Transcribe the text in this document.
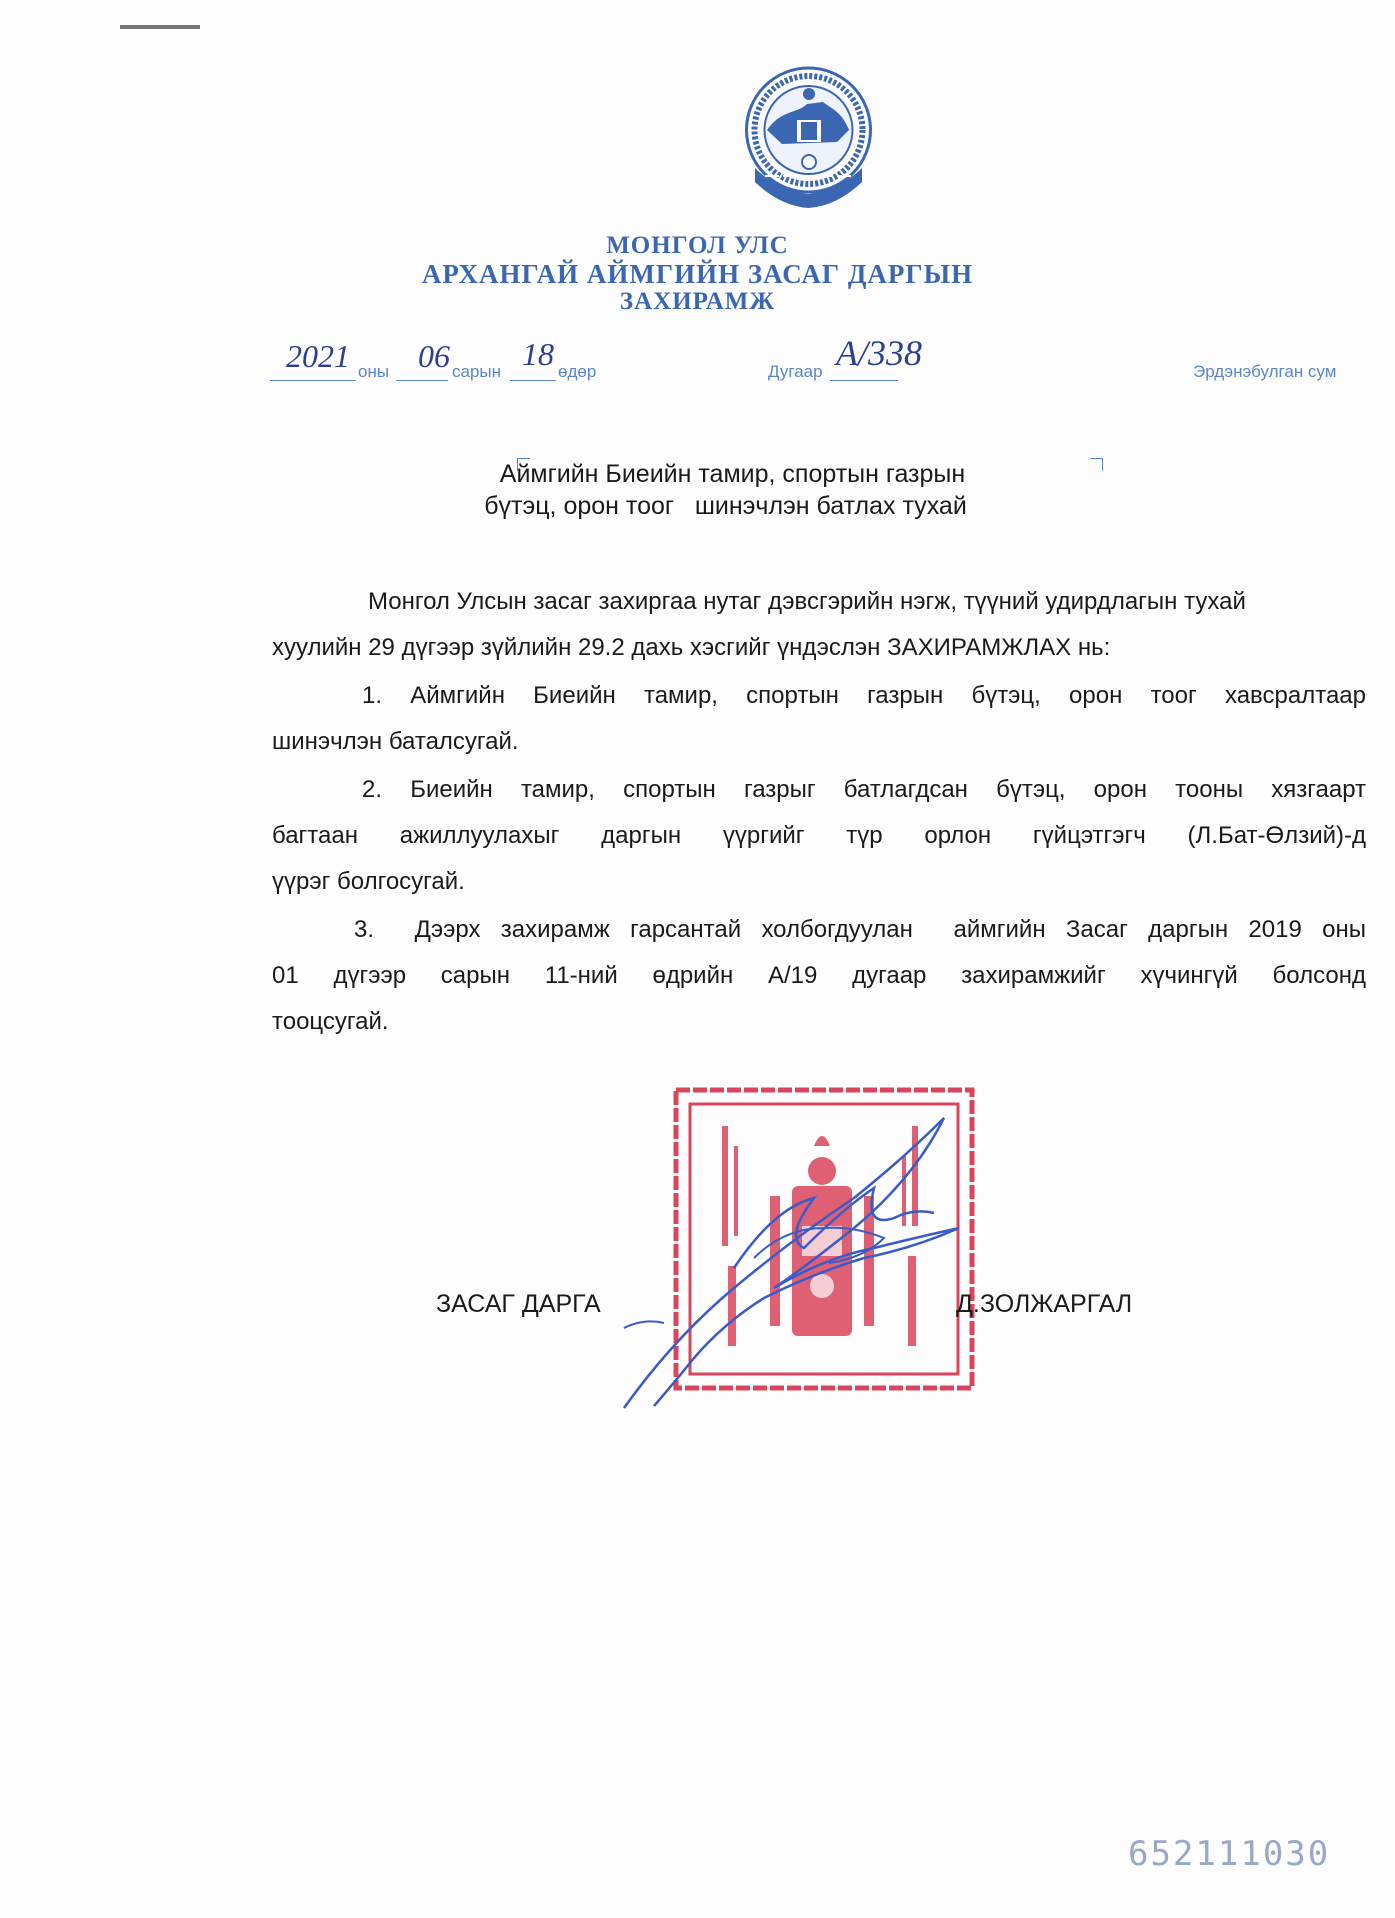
МОНГОЛ УЛС
АРХАНГАЙ АЙМГИЙН ЗАСАГ ДАРГЫН
ЗАХИРАМЖ
2021 оны 06 сарын 18 өдөр	Дугаар А/338	Эрдэнэбулган сум
Аймгийн Биеийн тамир, спортын газрын
бүтэц, орон тоог   шинэчлэн батлах тухай
Монгол Улсын засаг захиргаа нутаг дэвсгэрийн нэгж, түүний удирдлагын тухай
хуулийн 29 дүгээр зүйлийн 29.2 дахь хэсгийг үндэслэн ЗАХИРАМЖЛАХ нь:
1. Аймгийн Биеийн тамир, спортын газрын бүтэц, орон тоог хавсралтаар
шинэчлэн баталсугай.
2. Биеийн тамир, спортын газрыг батлагдсан бүтэц, орон тооны хязгаарт
багтаан ажиллуулахыг даргын үүргийг түр орлон гүйцэтгэгч (Л.Бат-Өлзий)-д
үүрэг болгосугай.
3.  Дээрх захирамж гарсантай холбогдуулан  аймгийн Засаг даргын 2019 оны
01 дүгээр сарын 11-ний өдрийн А/19 дугаар захирамжийг хүчингүй болсонд
тооцсугай.
ЗАСАГ ДАРГА	Д.ЗОЛЖАРГАЛ
652111030
